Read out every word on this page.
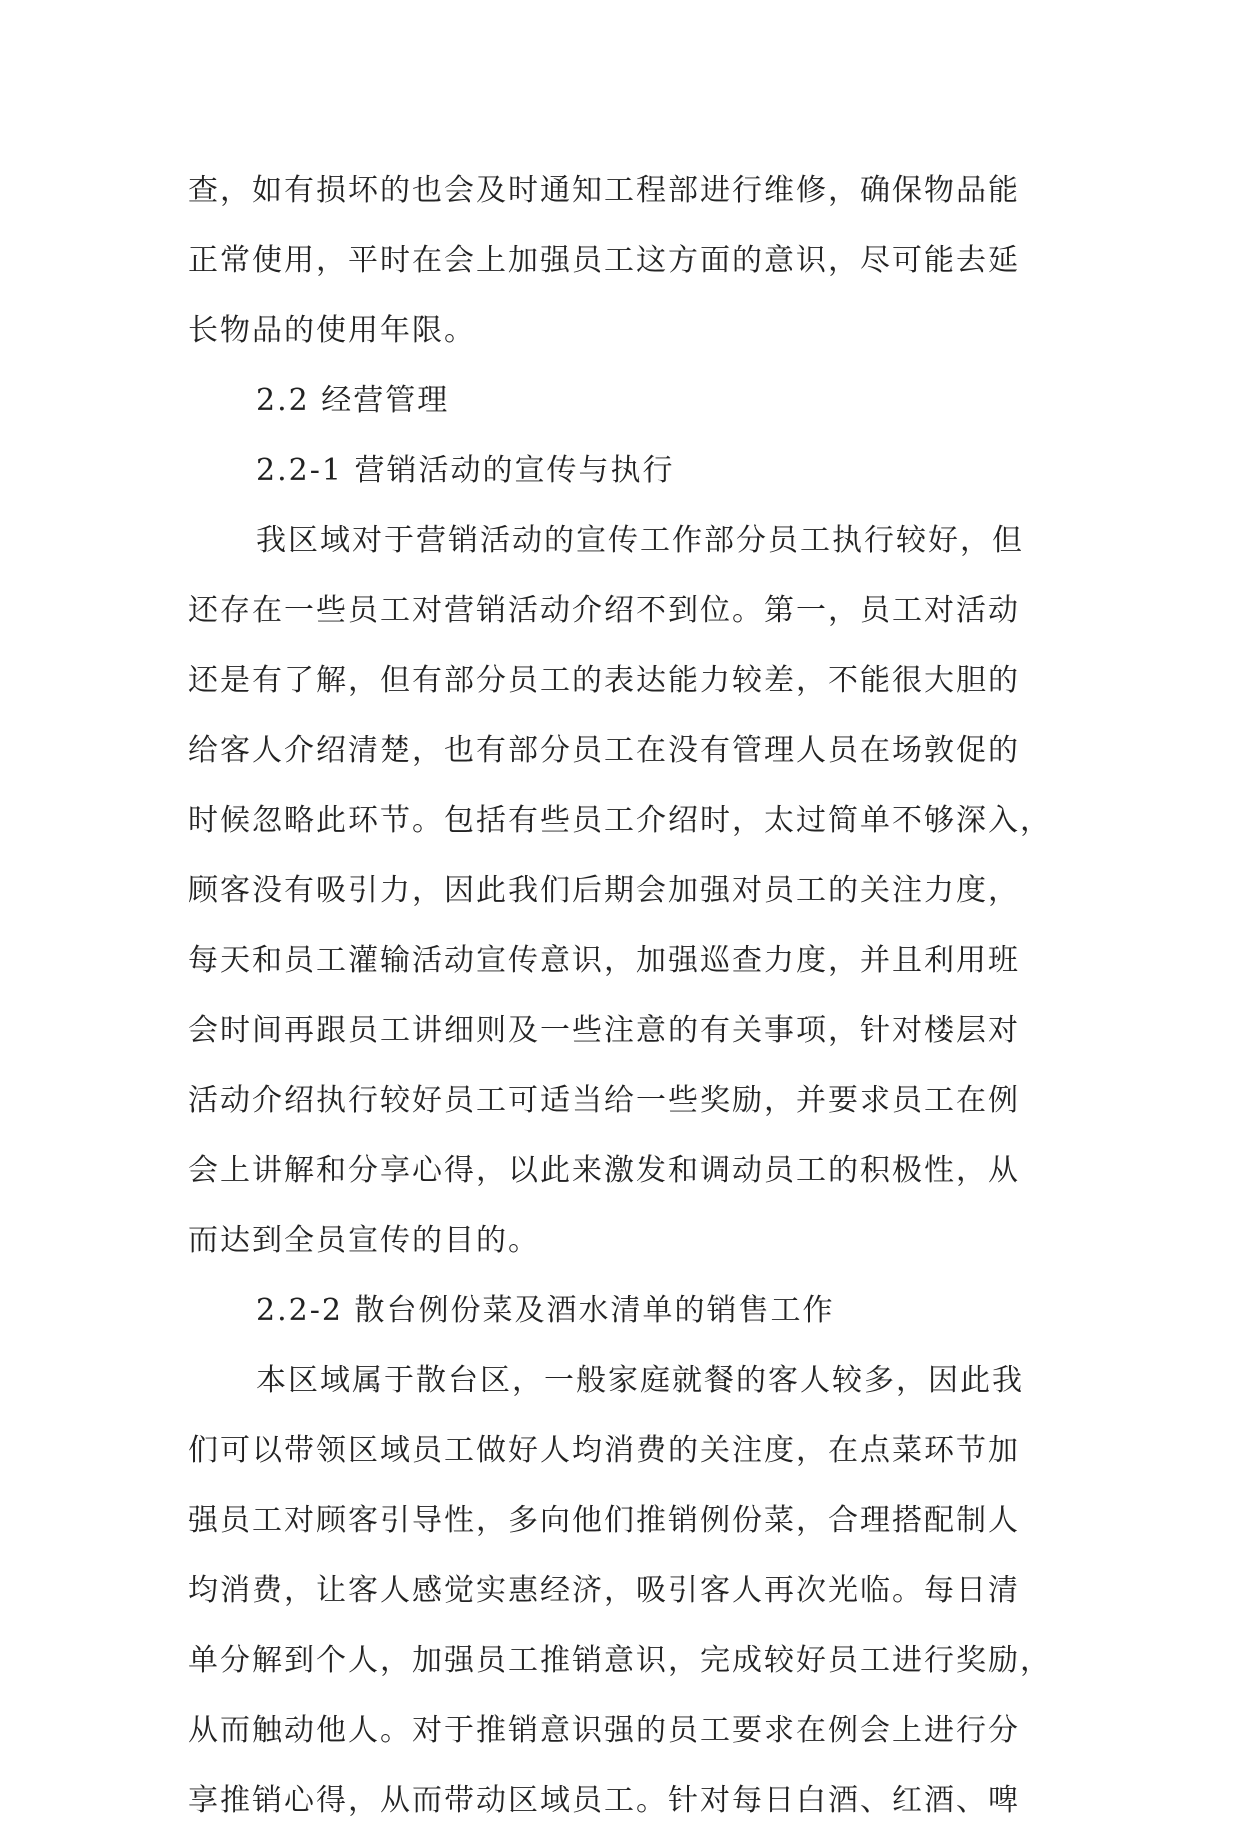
查，如有损坏的也会及时通知工程部进行维修，确保物品能
正常使用，平时在会上加强员工这方面的意识，尽可能去延
长物品的使用年限。
2.2 经营管理
2.2-1 营销活动的宣传与执行
我区域对于营销活动的宣传工作部分员工执行较好，但
还存在一些员工对营销活动介绍不到位。第一，员工对活动
还是有了解，但有部分员工的表达能力较差，不能很大胆的
给客人介绍清楚，也有部分员工在没有管理人员在场敦促的
时候忽略此环节。包括有些员工介绍时，太过简单不够深入，
顾客没有吸引力，因此我们后期会加强对员工的关注力度，
每天和员工灌输活动宣传意识，加强巡查力度，并且利用班
会时间再跟员工讲细则及一些注意的有关事项，针对楼层对
活动介绍执行较好员工可适当给一些奖励，并要求员工在例
会上讲解和分享心得，以此来激发和调动员工的积极性，从
而达到全员宣传的目的。
2.2-2 散台例份菜及酒水清单的销售工作
本区域属于散台区，一般家庭就餐的客人较多，因此我
们可以带领区域员工做好人均消费的关注度，在点菜环节加
强员工对顾客引导性，多向他们推销例份菜，合理搭配制人
均消费，让客人感觉实惠经济，吸引客人再次光临。每日清
单分解到个人，加强员工推销意识，完成较好员工进行奖励，
从而触动他人。对于推销意识强的员工要求在例会上进行分
享推销心得，从而带动区域员工。针对每日白酒、红酒、啤
